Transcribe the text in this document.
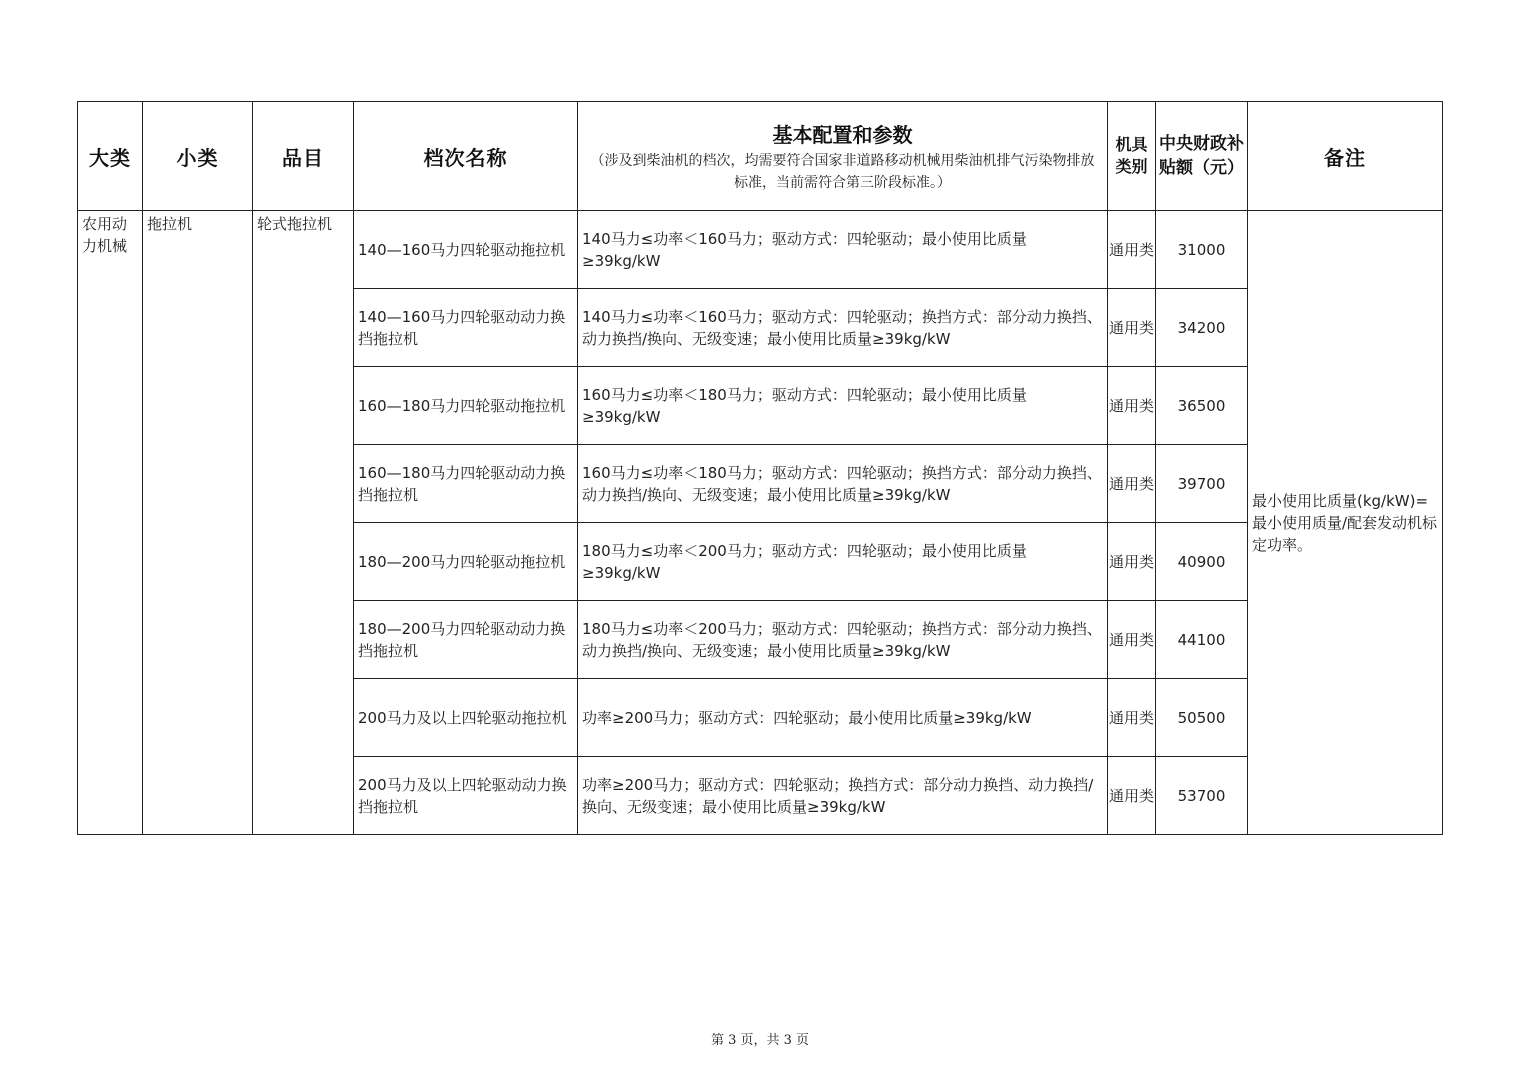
大类	小类	品目	档次名称	基本配置和参数
（涉及到柴油机的档次，均需要符合国家非道路移动机械用柴油机排气污染物排放标准，当前需符合第三阶段标准。）	机具类别	中央财政补贴额（元）	备注
农用动力机械	拖拉机	轮式拖拉机	140—160马力四轮驱动拖拉机	140马力≤功率＜160马力；驱动方式：四轮驱动；最小使用比质量≥39kg/kW	通用类	31000	最小使用比质量(kg/kW)=最小使用质量/配套发动机标定功率。
			140—160马力四轮驱动动力换挡拖拉机	140马力≤功率＜160马力；驱动方式：四轮驱动；换挡方式：部分动力换挡、动力换挡/换向、无级变速；最小使用比质量≥39kg/kW	通用类	34200	
			160—180马力四轮驱动拖拉机	160马力≤功率＜180马力；驱动方式：四轮驱动；最小使用比质量≥39kg/kW	通用类	36500	
			160—180马力四轮驱动动力换挡拖拉机	160马力≤功率＜180马力；驱动方式：四轮驱动；换挡方式：部分动力换挡、动力换挡/换向、无级变速；最小使用比质量≥39kg/kW	通用类	39700	
			180—200马力四轮驱动拖拉机	180马力≤功率＜200马力；驱动方式：四轮驱动；最小使用比质量≥39kg/kW	通用类	40900	
			180—200马力四轮驱动动力换挡拖拉机	180马力≤功率＜200马力；驱动方式：四轮驱动；换挡方式：部分动力换挡、动力换挡/换向、无级变速；最小使用比质量≥39kg/kW	通用类	44100	
			200马力及以上四轮驱动拖拉机	功率≥200马力；驱动方式：四轮驱动；最小使用比质量≥39kg/kW	通用类	50500	
			200马力及以上四轮驱动动力换挡拖拉机	功率≥200马力；驱动方式：四轮驱动；换挡方式：部分动力换挡、动力换挡/换向、无级变速；最小使用比质量≥39kg/kW	通用类	53700	
第 3 页，共 3 页
